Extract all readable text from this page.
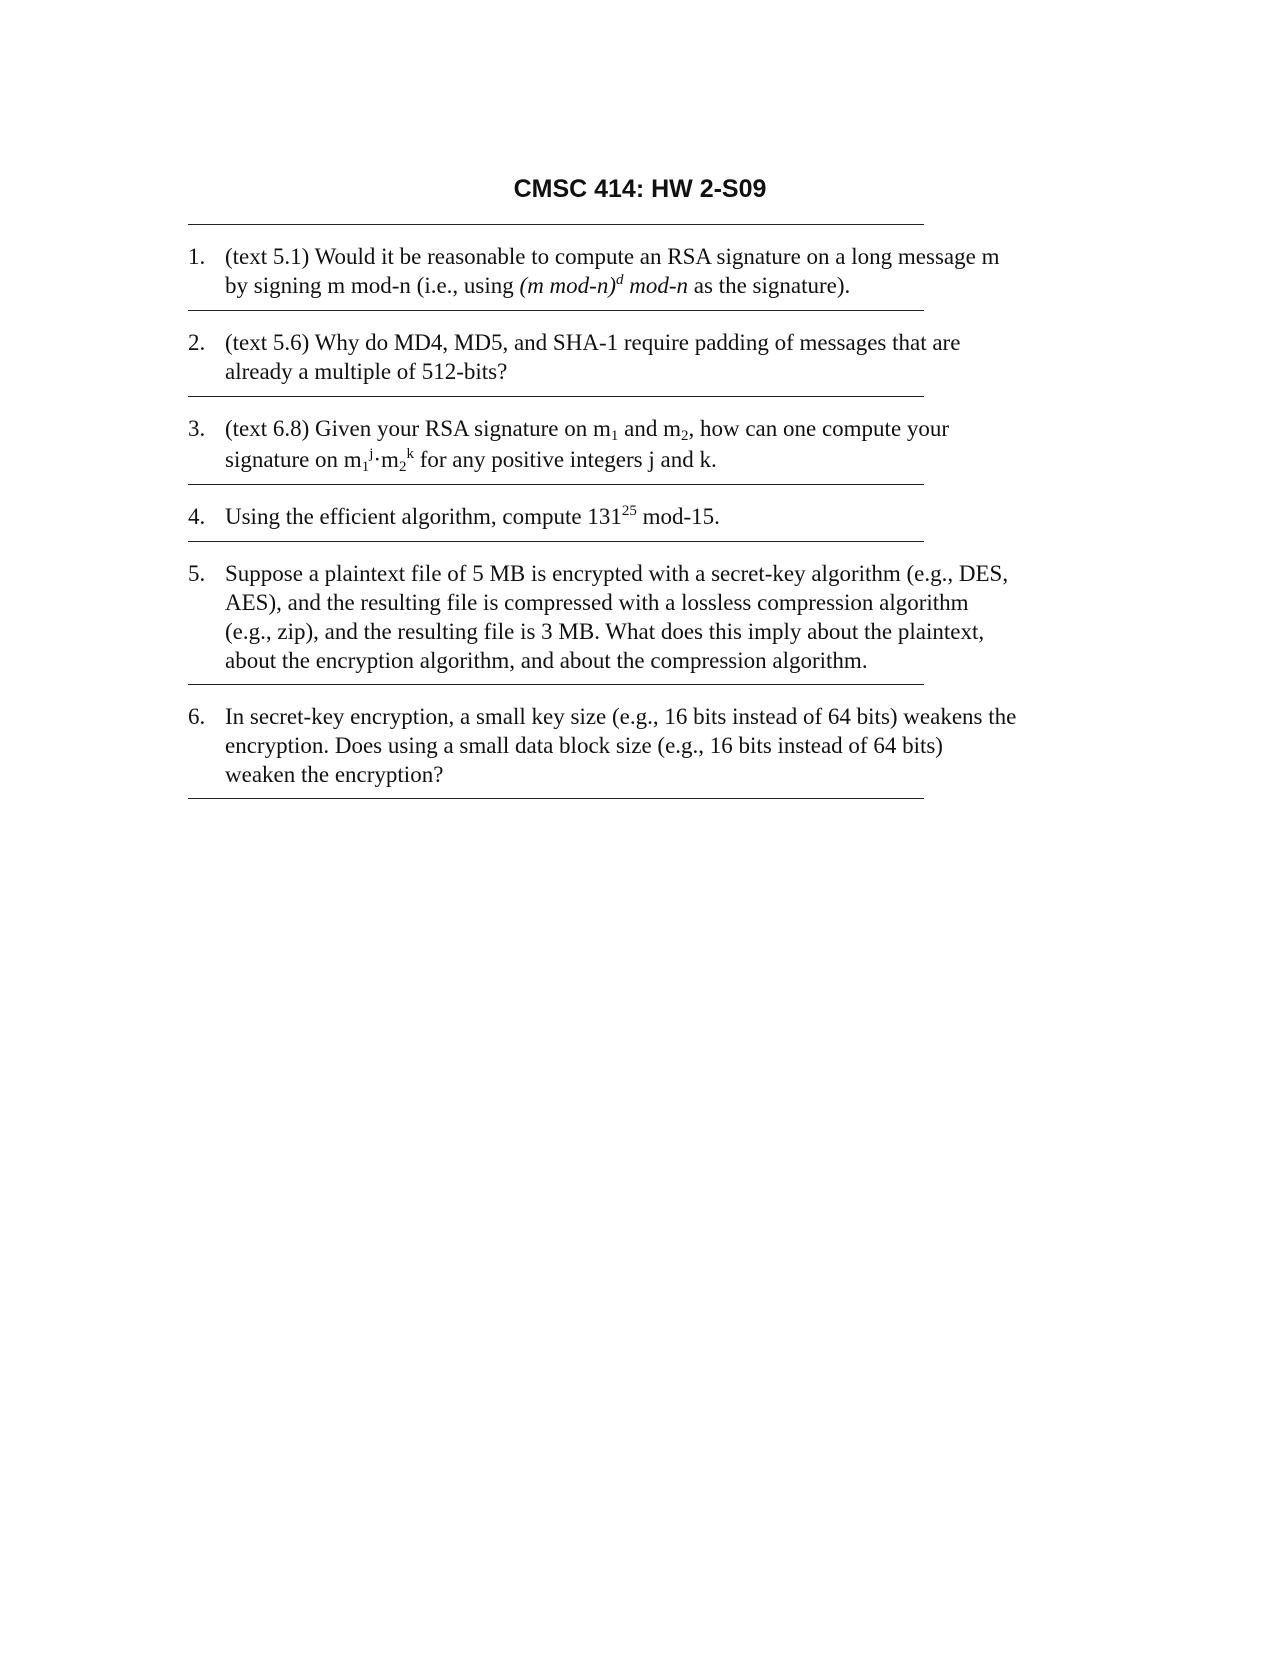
CMSC 414: HW 2-S09
1. (text 5.1) Would it be reasonable to compute an RSA signature on a long message m
by signing m mod-n (i.e., using (m mod-n)$^d$ mod-n as the signature).
2. (text 5.6) Why do MD4, MD5, and SHA-1 require padding of messages that are
already a multiple of 512-bits?
3. (text 6.8) Given your RSA signature on $m_1$ and $m_2$, how can one compute your
signature on $m_1^j\cdot m_2^k$ for any positive integers j and k.
4. Using the efficient algorithm, compute $131^{25}$ mod-15.
5. Suppose a plaintext file of 5 MB is encrypted with a secret-key algorithm (e.g., DES,
AES), and the resulting file is compressed with a lossless compression algorithm
(e.g., zip), and the resulting file is 3 MB. What does this imply about the plaintext,
about the encryption algorithm, and about the compression algorithm.
6. In secret-key encryption, a small key size (e.g., 16 bits instead of 64 bits) weakens the
encryption. Does using a small data block size (e.g., 16 bits instead of 64 bits)
weaken the encryption?
